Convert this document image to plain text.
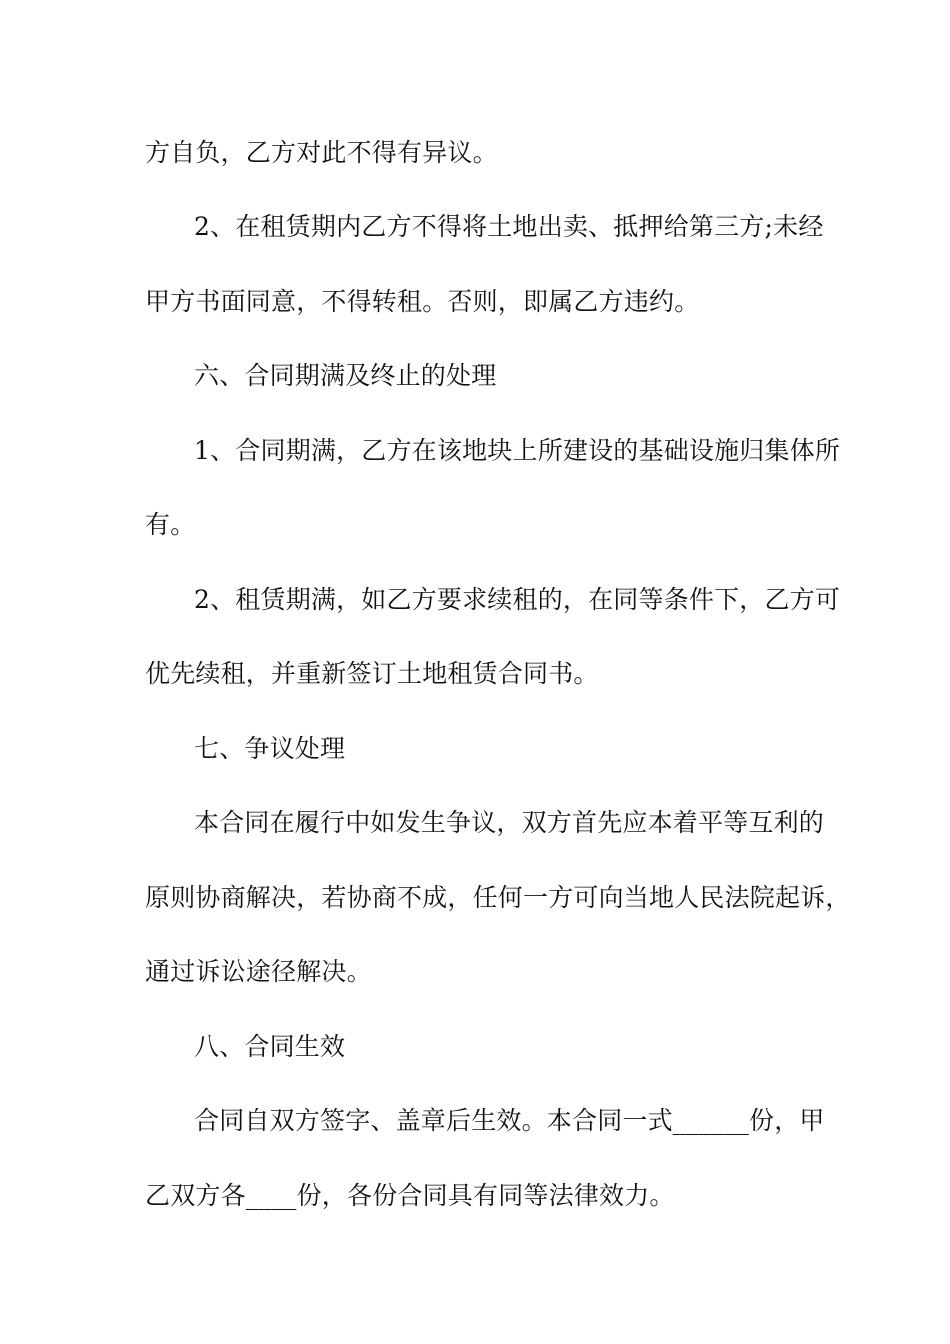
方自负，乙方对此不得有异议。
2、在租赁期内乙方不得将土地出卖、抵押给第三方;未经
甲方书面同意，不得转租。否则，即属乙方违约。
六、合同期满及终止的处理
1、合同期满，乙方在该地块上所建设的基础设施归集体所
有。
2、租赁期满，如乙方要求续租的，在同等条件下，乙方可
优先续租，并重新签订土地租赁合同书。
七、争议处理
本合同在履行中如发生争议，双方首先应本着平等互利的
原则协商解决，若协商不成，任何一方可向当地人民法院起诉，
通过诉讼途径解决。
八、合同生效
合同自双方签字、盖章后生效。本合同一式______份，甲
乙双方各____份，各份合同具有同等法律效力。
